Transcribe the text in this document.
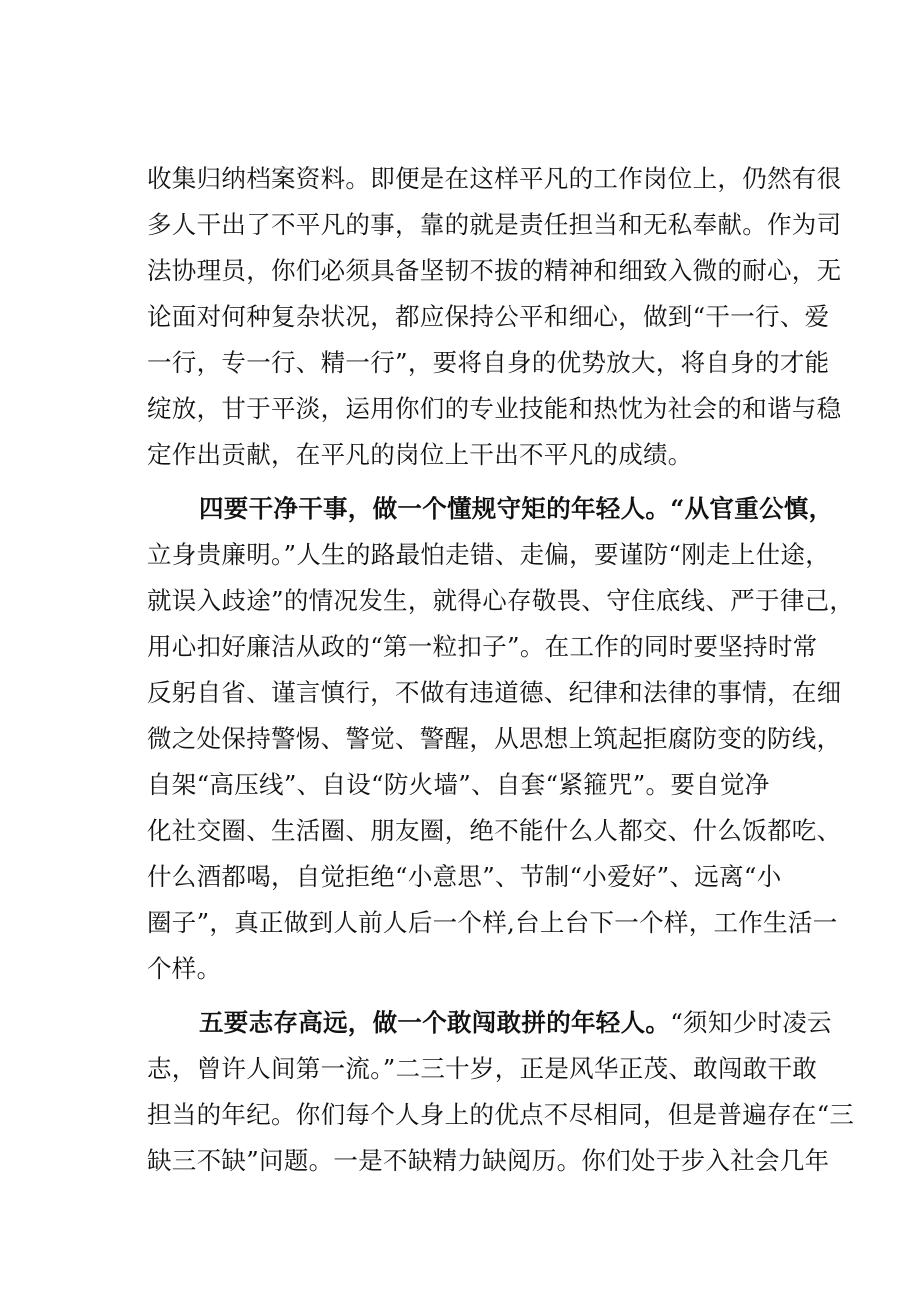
收集归纳档案资料。即便是在这样平凡的工作岗位上，仍然有很
多人干出了不平凡的事，靠的就是责任担当和无私奉献。作为司
法协理员，你们必须具备坚韧不拔的精神和细致入微的耐心，无
论面对何种复杂状况，都应保持公平和细心，做到“干一行、爱
一行，专一行、精一行”，要将自身的优势放大，将自身的才能
绽放，甘于平淡，运用你们的专业技能和热忱为社会的和谐与稳
定作出贡献，在平凡的岗位上干出不平凡的成绩。
四要干净干事，做一个懂规守矩的年轻人。“从官重公慎，
立身贵廉明。”人生的路最怕走错、走偏，要谨防“刚走上仕途，
就误入歧途”的情况发生，就得心存敬畏、守住底线、严于律己，
用心扣好廉洁从政的“第一粒扣子”。在工作的同时要坚持时常
反躬自省、谨言慎行，不做有违道德、纪律和法律的事情，在细
微之处保持警惕、警觉、警醒，从思想上筑起拒腐防变的防线，
自架“高压线”、自设“防火墙”、自套“紧箍咒”。要自觉净
化社交圈、生活圈、朋友圈，绝不能什么人都交、什么饭都吃、
什么酒都喝，自觉拒绝“小意思”、节制“小爱好”、远离“小
圈子”，真正做到人前人后一个样,台上台下一个样，工作生活一
个样。
五要志存高远，做一个敢闯敢拼的年轻人。“须知少时凌云
志，曾许人间第一流。”二三十岁，正是风华正茂、敢闯敢干敢
担当的年纪。你们每个人身上的优点不尽相同，但是普遍存在“三
缺三不缺”问题。一是不缺精力缺阅历。你们处于步入社会几年
